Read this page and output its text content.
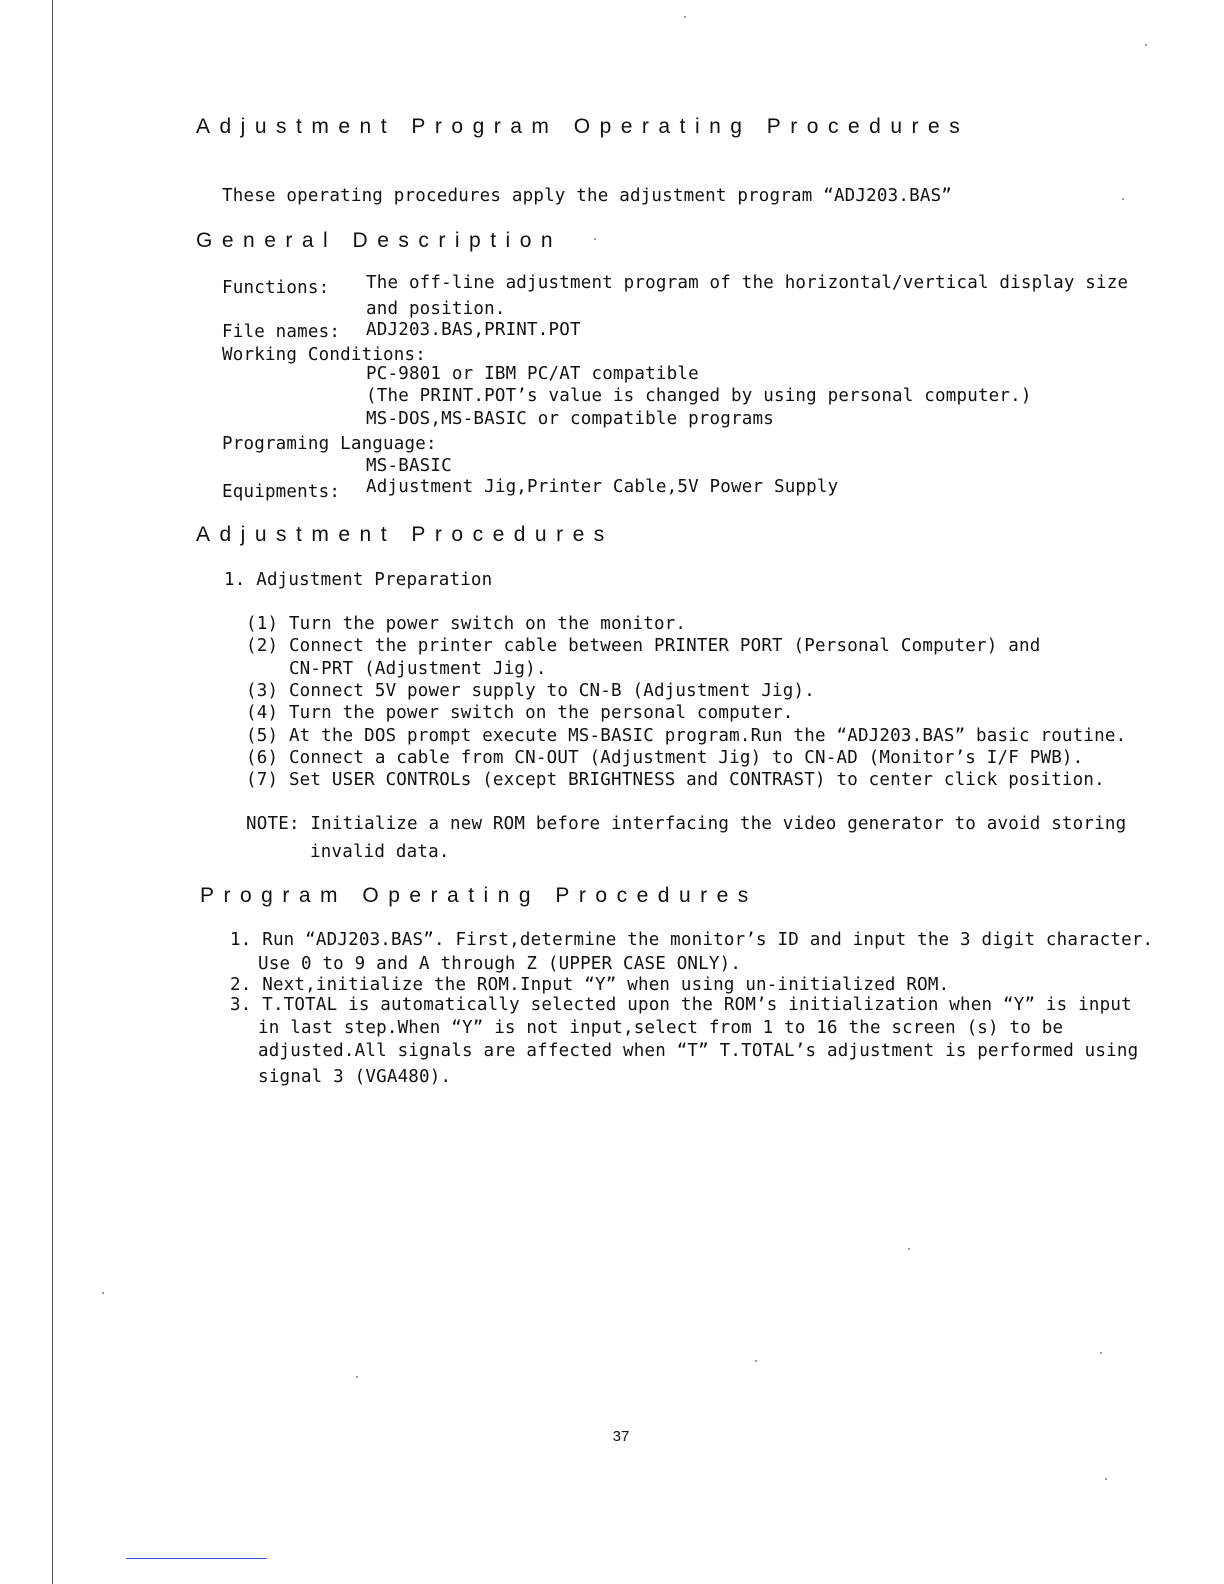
Adjustment Program Operating Procedures
These operating procedures apply the adjustment program “ADJ203.BAS”
General Description
Functions: The off-line adjustment program of the horizontal/vertical display size
and position.
File names: ADJ203.BAS,PRINT.POT
Working Conditions:
PC-9801 or IBM PC/AT compatible
(The PRINT.POT’s value is changed by using personal computer.)
MS-DOS,MS-BASIC or compatible programs
Programing Language:
MS-BASIC
Equipments: Adjustment Jig,Printer Cable,5V Power Supply
Adjustment Procedures
1. Adjustment Preparation
(1) Turn the power switch on the monitor.
(2) Connect the printer cable between PRINTER PORT (Personal Computer) and
CN-PRT (Adjustment Jig).
(3) Connect 5V power supply to CN-B (Adjustment Jig).
(4) Turn the power switch on the personal computer.
(5) At the DOS prompt execute MS-BASIC program.Run the “ADJ203.BAS” basic routine.
(6) Connect a cable from CN-OUT (Adjustment Jig) to CN-AD (Monitor’s I/F PWB).
(7) Set USER CONTROLs (except BRIGHTNESS and CONTRAST) to center click position.
NOTE: Initialize a new ROM before interfacing the video generator to avoid storing
invalid data.
Program Operating Procedures
1. Run “ADJ203.BAS”. First,determine the monitor’s ID and input the 3 digit character.
Use 0 to 9 and A through Z (UPPER CASE ONLY).
2. Next,initialize the ROM.Input “Y” when using un-initialized ROM.
3. T.TOTAL is automatically selected upon the ROM’s initialization when “Y” is input
in last step.When “Y” is not input,select from 1 to 16 the screen (s) to be
adjusted.All signals are affected when “T” T.TOTAL’s adjustment is performed using
signal 3 (VGA480).
37
